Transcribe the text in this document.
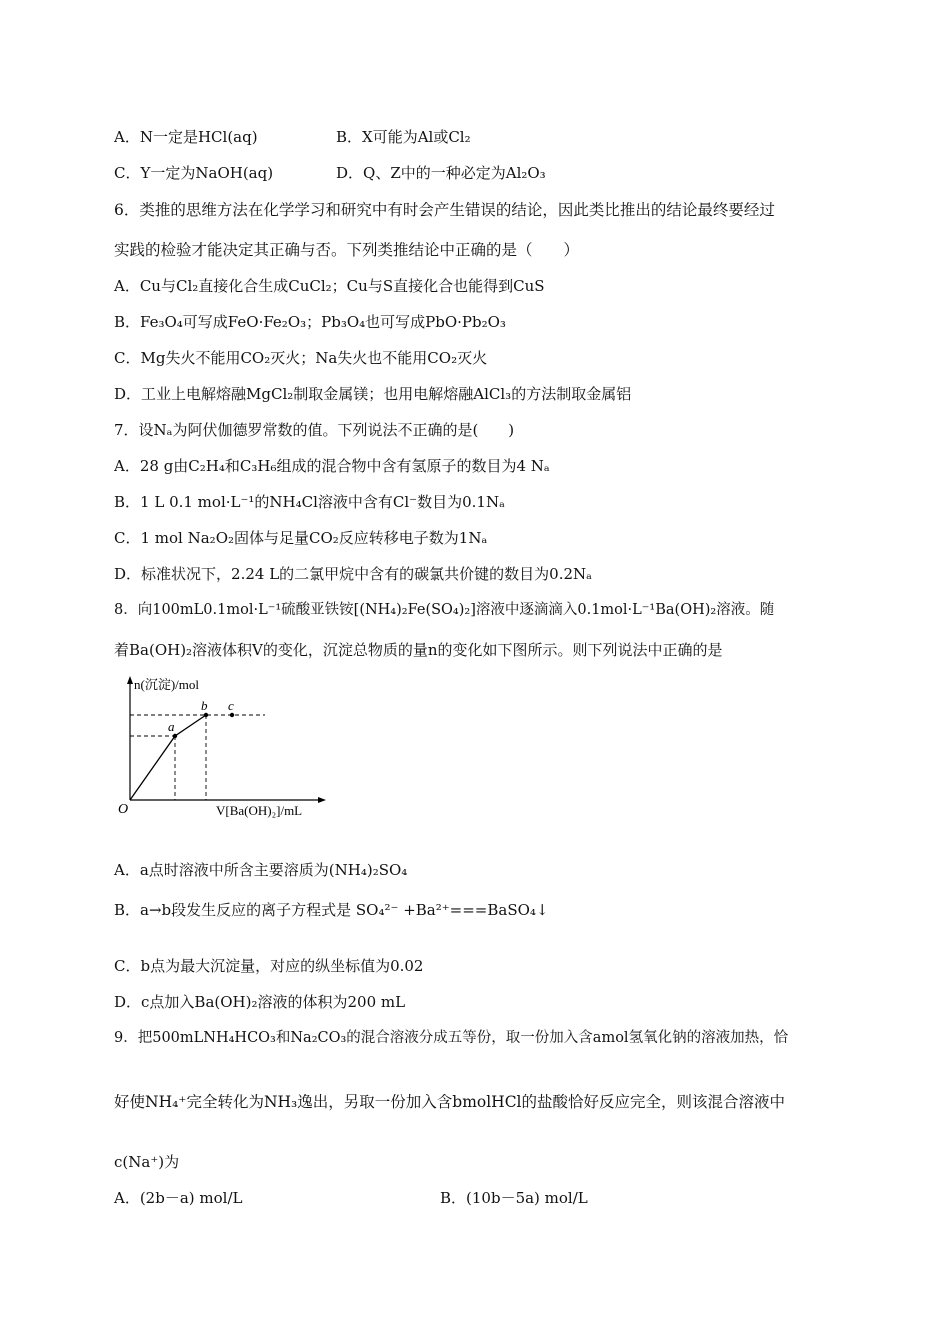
A．N一定是HCl(aq)	B．X可能为Al或Cl₂
C．Y一定为NaOH(aq)	D．Q、Z中的一种必定为Al₂O₃
6．类推的思维方法在化学学习和研究中有时会产生错误的结论，因此类比推出的结论最终要经过
实践的检验才能决定其正确与否。下列类推结论中正确的是（　　）
A．Cu与Cl₂直接化合生成CuCl₂；Cu与S直接化合也能得到CuS
B．Fe₃O₄可写成FeO·Fe₂O₃；Pb₃O₄也可写成PbO·Pb₂O₃
C．Mg失火不能用CO₂灭火；Na失火也不能用CO₂灭火
D．工业上电解熔融MgCl₂制取金属镁；也用电解熔融AlCl₃的方法制取金属铝
7．设Nₐ为阿伏伽德罗常数的值。下列说法不正确的是(　　)
A．28 g由C₂H₄和C₃H₆组成的混合物中含有氢原子的数目为4 Nₐ
B．1 L 0.1 mol·L⁻¹的NH₄Cl溶液中含有Cl⁻数目为0.1Nₐ
C．1 mol Na₂O₂固体与足量CO₂反应转移电子数为1Nₐ
D．标准状况下，2.24 L的二氯甲烷中含有的碳氯共价键的数目为0.2Nₐ
8．向100mL0.1mol·L⁻¹硫酸亚铁铵[(NH₄)₂Fe(SO₄)₂]溶液中逐滴滴入0.1mol·L⁻¹Ba(OH)₂溶液。随
着Ba(OH)₂溶液体积V的变化，沉淀总物质的量n的变化如下图所示。则下列说法中正确的是
n(沉淀)/mol
V[Ba(OH)₂]/mL
O
a
b c
A．a点时溶液中所含主要溶质为(NH₄)₂SO₄
B．a→b段发生反应的离子方程式是 SO₄²⁻ +Ba²⁺===BaSO₄↓
C．b点为最大沉淀量，对应的纵坐标值为0.02
D．c点加入Ba(OH)₂溶液的体积为200 mL
9．把500mLNH₄HCO₃和Na₂CO₃的混合溶液分成五等份，取一份加入含amol氢氧化钠的溶液加热，恰
好使NH₄⁺完全转化为NH₃逸出，另取一份加入含bmolHCl的盐酸恰好反应完全，则该混合溶液中
c(Na⁺)为
A．(2b－a) mol/L	B．(10b－5a) mol/L
